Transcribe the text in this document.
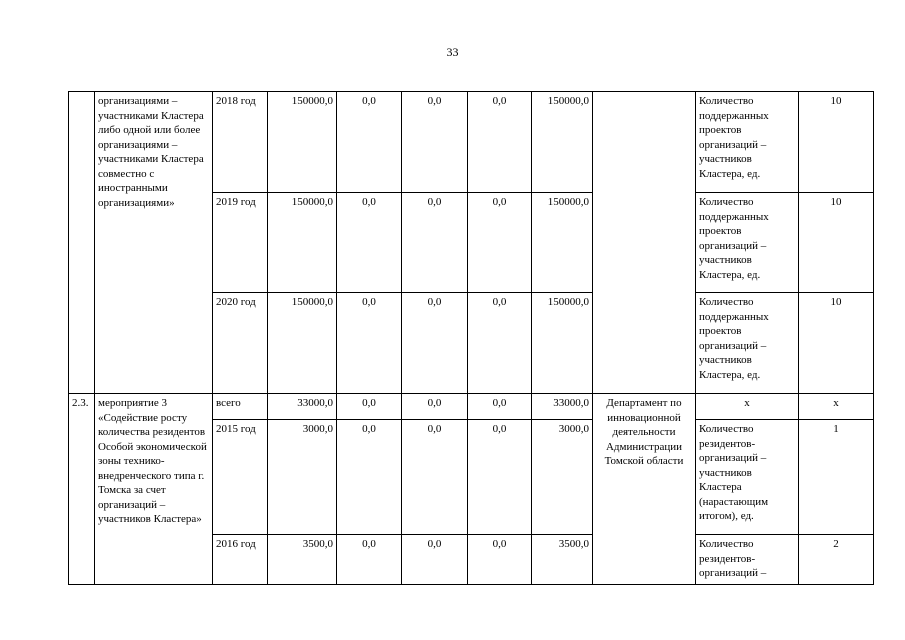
33
	организациями – участниками Кластера либо одной или более организациями – участниками Кластера совместно с иностранными организациями»	2018 год	150000,0	0,0	0,0	0,0	150000,0		Количество поддержанных проектов организаций – участников Кластера, ед.	10
		2019 год	150000,0	0,0	0,0	0,0	150000,0		Количество поддержанных проектов организаций – участников Кластера, ед.	10
		2020 год	150000,0	0,0	0,0	0,0	150000,0		Количество поддержанных проектов организаций – участников Кластера, ед.	10
2.3.	мероприятие 3 «Содействие росту количества резидентов Особой экономической зоны технико-внедренческого типа г. Томска за счет организаций – участников Кластера»	всего	33000,0	0,0	0,0	0,0	33000,0	Департамент по инновационной деятельности Администрации Томской области	х	х
		2015 год	3000,0	0,0	0,0	0,0	3000,0		Количество резидентов-организаций – участников Кластера (нарастающим итогом), ед.	1
		2016 год	3500,0	0,0	0,0	0,0	3500,0		Количество резидентов-организаций –	2
